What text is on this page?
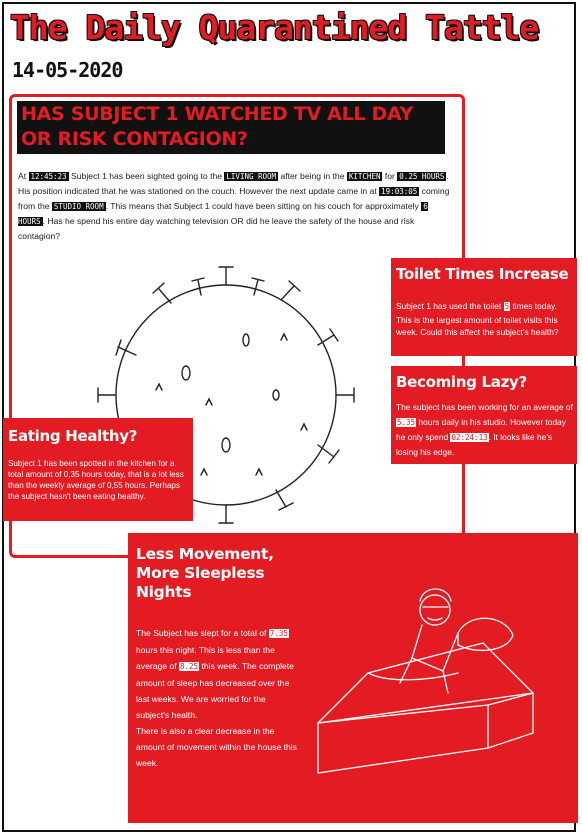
The Daily Quarantined Tattle
14-05-2020
HAS SUBJECT 1 WATCHED TV ALL DAY OR RISK CONTAGION?
At 12:45:23 Subject 1 has been sighted going to the LIVING ROOM after being in the KITCHEN for 0.25 HOURS . His position indicated that he was stationed on the couch. However the next update came in at 19:03:05 coming from the STUDIO ROOM . This means that Subject 1 could have been sitting on his couch for approximately 6 HOURS . Has he spend his entire day watching television OR did he leave the safety of the house and risk contagion?
Toilet Times Increase

Subject 1 has used the toilet 5 times today. This is the largest amount of toilet visits this week. Could this affect the subject's health?

Becoming Lazy?

The subject has been working for an average of 5.35 hours daily in his studio. However today he only spend 02:24:13. It looks like he's losing his edge.

Eating Healthy?

Subject 1 has been spotted in the kitchen for a total amount of 0,35 hours today, that is a lot less than the weekly average of 0,55 hours. Perhaps the subject hasn't been eating healthy.

Less Movement,
More Sleepless
Nights

The Subject has slept for a total of 7.35 hours this night. This is less than the average of 8.25 this week. The complete amount of sleep has decreased over the last weeks. We are worried for the subject's health.
There is also a clear decrease in the amount of movement within the house this week.
